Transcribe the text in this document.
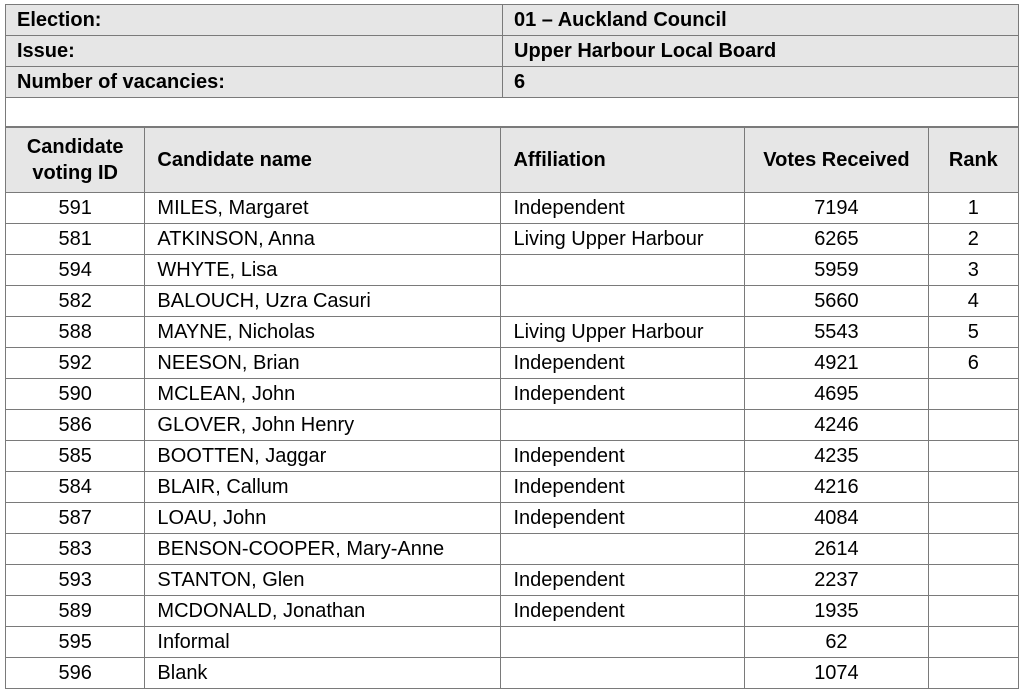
Election:	01 – Auckland Council
Issue:	Upper Harbour Local Board
Number of vacancies:	6

Candidate
voting ID	Candidate name	Affiliation	Votes Received	Rank
591	MILES, Margaret	Independent	7194	1
581	ATKINSON, Anna	Living Upper Harbour	6265	2
594	WHYTE, Lisa		5959	3
582	BALOUCH, Uzra Casuri		5660	4
588	MAYNE, Nicholas	Living Upper Harbour	5543	5
592	NEESON, Brian	Independent	4921	6
590	MCLEAN, John	Independent	4695	
586	GLOVER, John Henry		4246	
585	BOOTTEN, Jaggar	Independent	4235	
584	BLAIR, Callum	Independent	4216	
587	LOAU, John	Independent	4084	
583	BENSON-COOPER, Mary-Anne		2614	
593	STANTON, Glen	Independent	2237	
589	MCDONALD, Jonathan	Independent	1935	
595	Informal		62	
596	Blank		1074	
